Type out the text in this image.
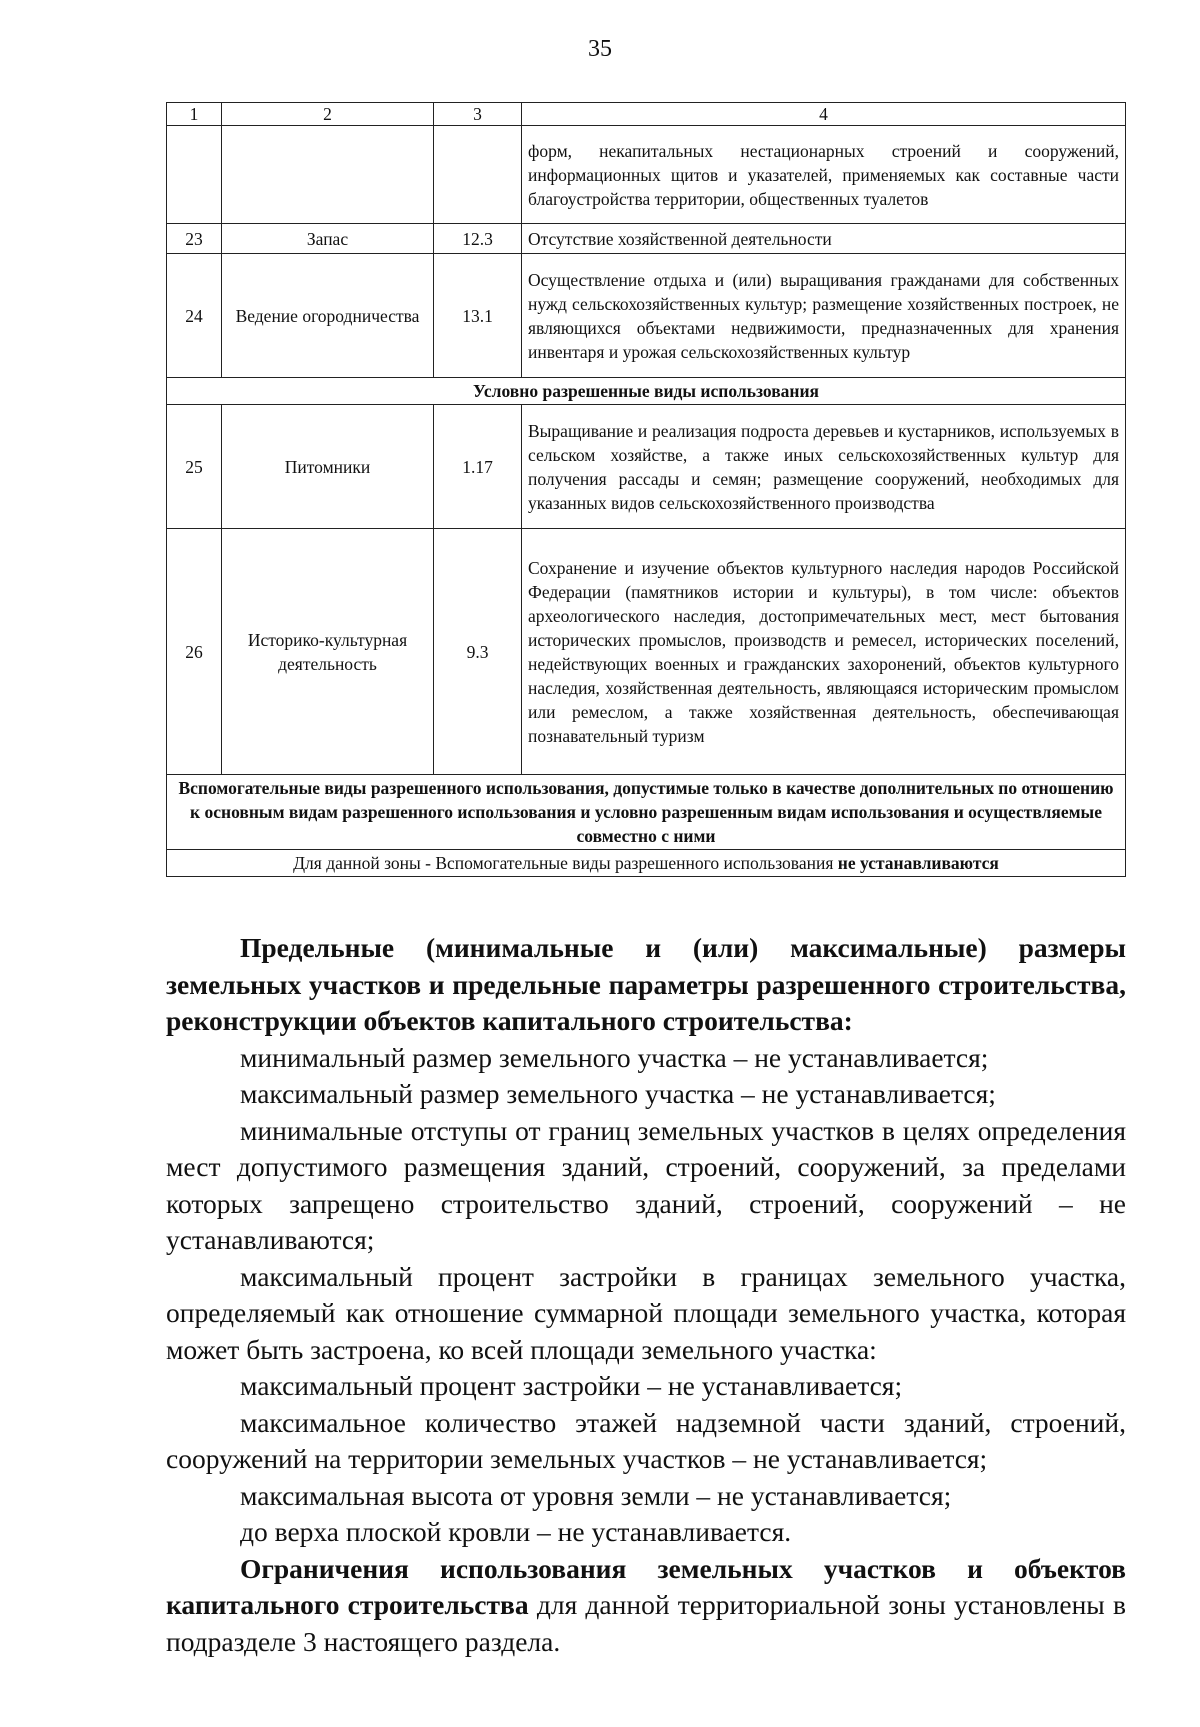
35
1	2	3	4
			форм, некапитальных нестационарных строений и сооружений, информационных щитов и указателей, применяемых как составные части благоустройства территории, общественных туалетов
23	Запас	12.3	Отсутствие хозяйственной деятельности
24	Ведение огородничества	13.1	Осуществление отдыха и (или) выращивания гражданами для собственных нужд сельскохозяйственных культур; размещение хозяйственных построек, не являющихся объектами недвижимости, предназначенных для хранения инвентаря и урожая сельскохозяйственных культур
Условно разрешенные виды использования			
25	Питомники	1.17	Выращивание и реализация подроста деревьев и кустарников, используемых в сельском хозяйстве, а также иных сельскохозяйственных культур для получения рассады и семян; размещение сооружений, необходимых для указанных видов сельскохозяйственного производства
26	Историко-культурная деятельность	9.3	Сохранение и изучение объектов культурного наследия народов Российской Федерации (памятников истории и культуры), в том числе: объектов археологического наследия, достопримечательных мест, мест бытования исторических промыслов, производств и ремесел, исторических поселений, недействующих военных и гражданских захоронений, объектов культурного наследия, хозяйственная деятельность, являющаяся историческим промыслом или ремеслом, а также хозяйственная деятельность, обеспечивающая познавательный туризм
Вспомогательные виды разрешенного использования, допустимые только в качестве дополнительных по отношению к основным видам разрешенного использования и условно разрешенным видам использования и осуществляемые совместно с ними			
Для данной зоны - Вспомогательные виды разрешенного использования не устанавливаются			

Предельные (минимальные и (или) максимальные) размеры земельных участков и предельные параметры разрешенного строительства, реконструкции объектов капитального строительства:

минимальный размер земельного участка – не устанавливается;

максимальный размер земельного участка – не устанавливается;

минимальные отступы от границ земельных участков в целях определения мест допустимого размещения зданий, строений, сооружений, за пределами которых запрещено строительство зданий, строений, сооружений – не устанавливаются;

максимальный процент застройки в границах земельного участка, определяемый как отношение суммарной площади земельного участка, которая может быть застроена, ко всей площади земельного участка:

максимальный процент застройки – не устанавливается;

максимальное количество этажей надземной части зданий, строений, сооружений на территории земельных участков – не устанавливается;

максимальная высота от уровня земли – не устанавливается;

до верха плоской кровли – не устанавливается.

Ограничения использования земельных участков и объектов капитального строительства для данной территориальной зоны установлены в подразделе 3 настоящего раздела.
